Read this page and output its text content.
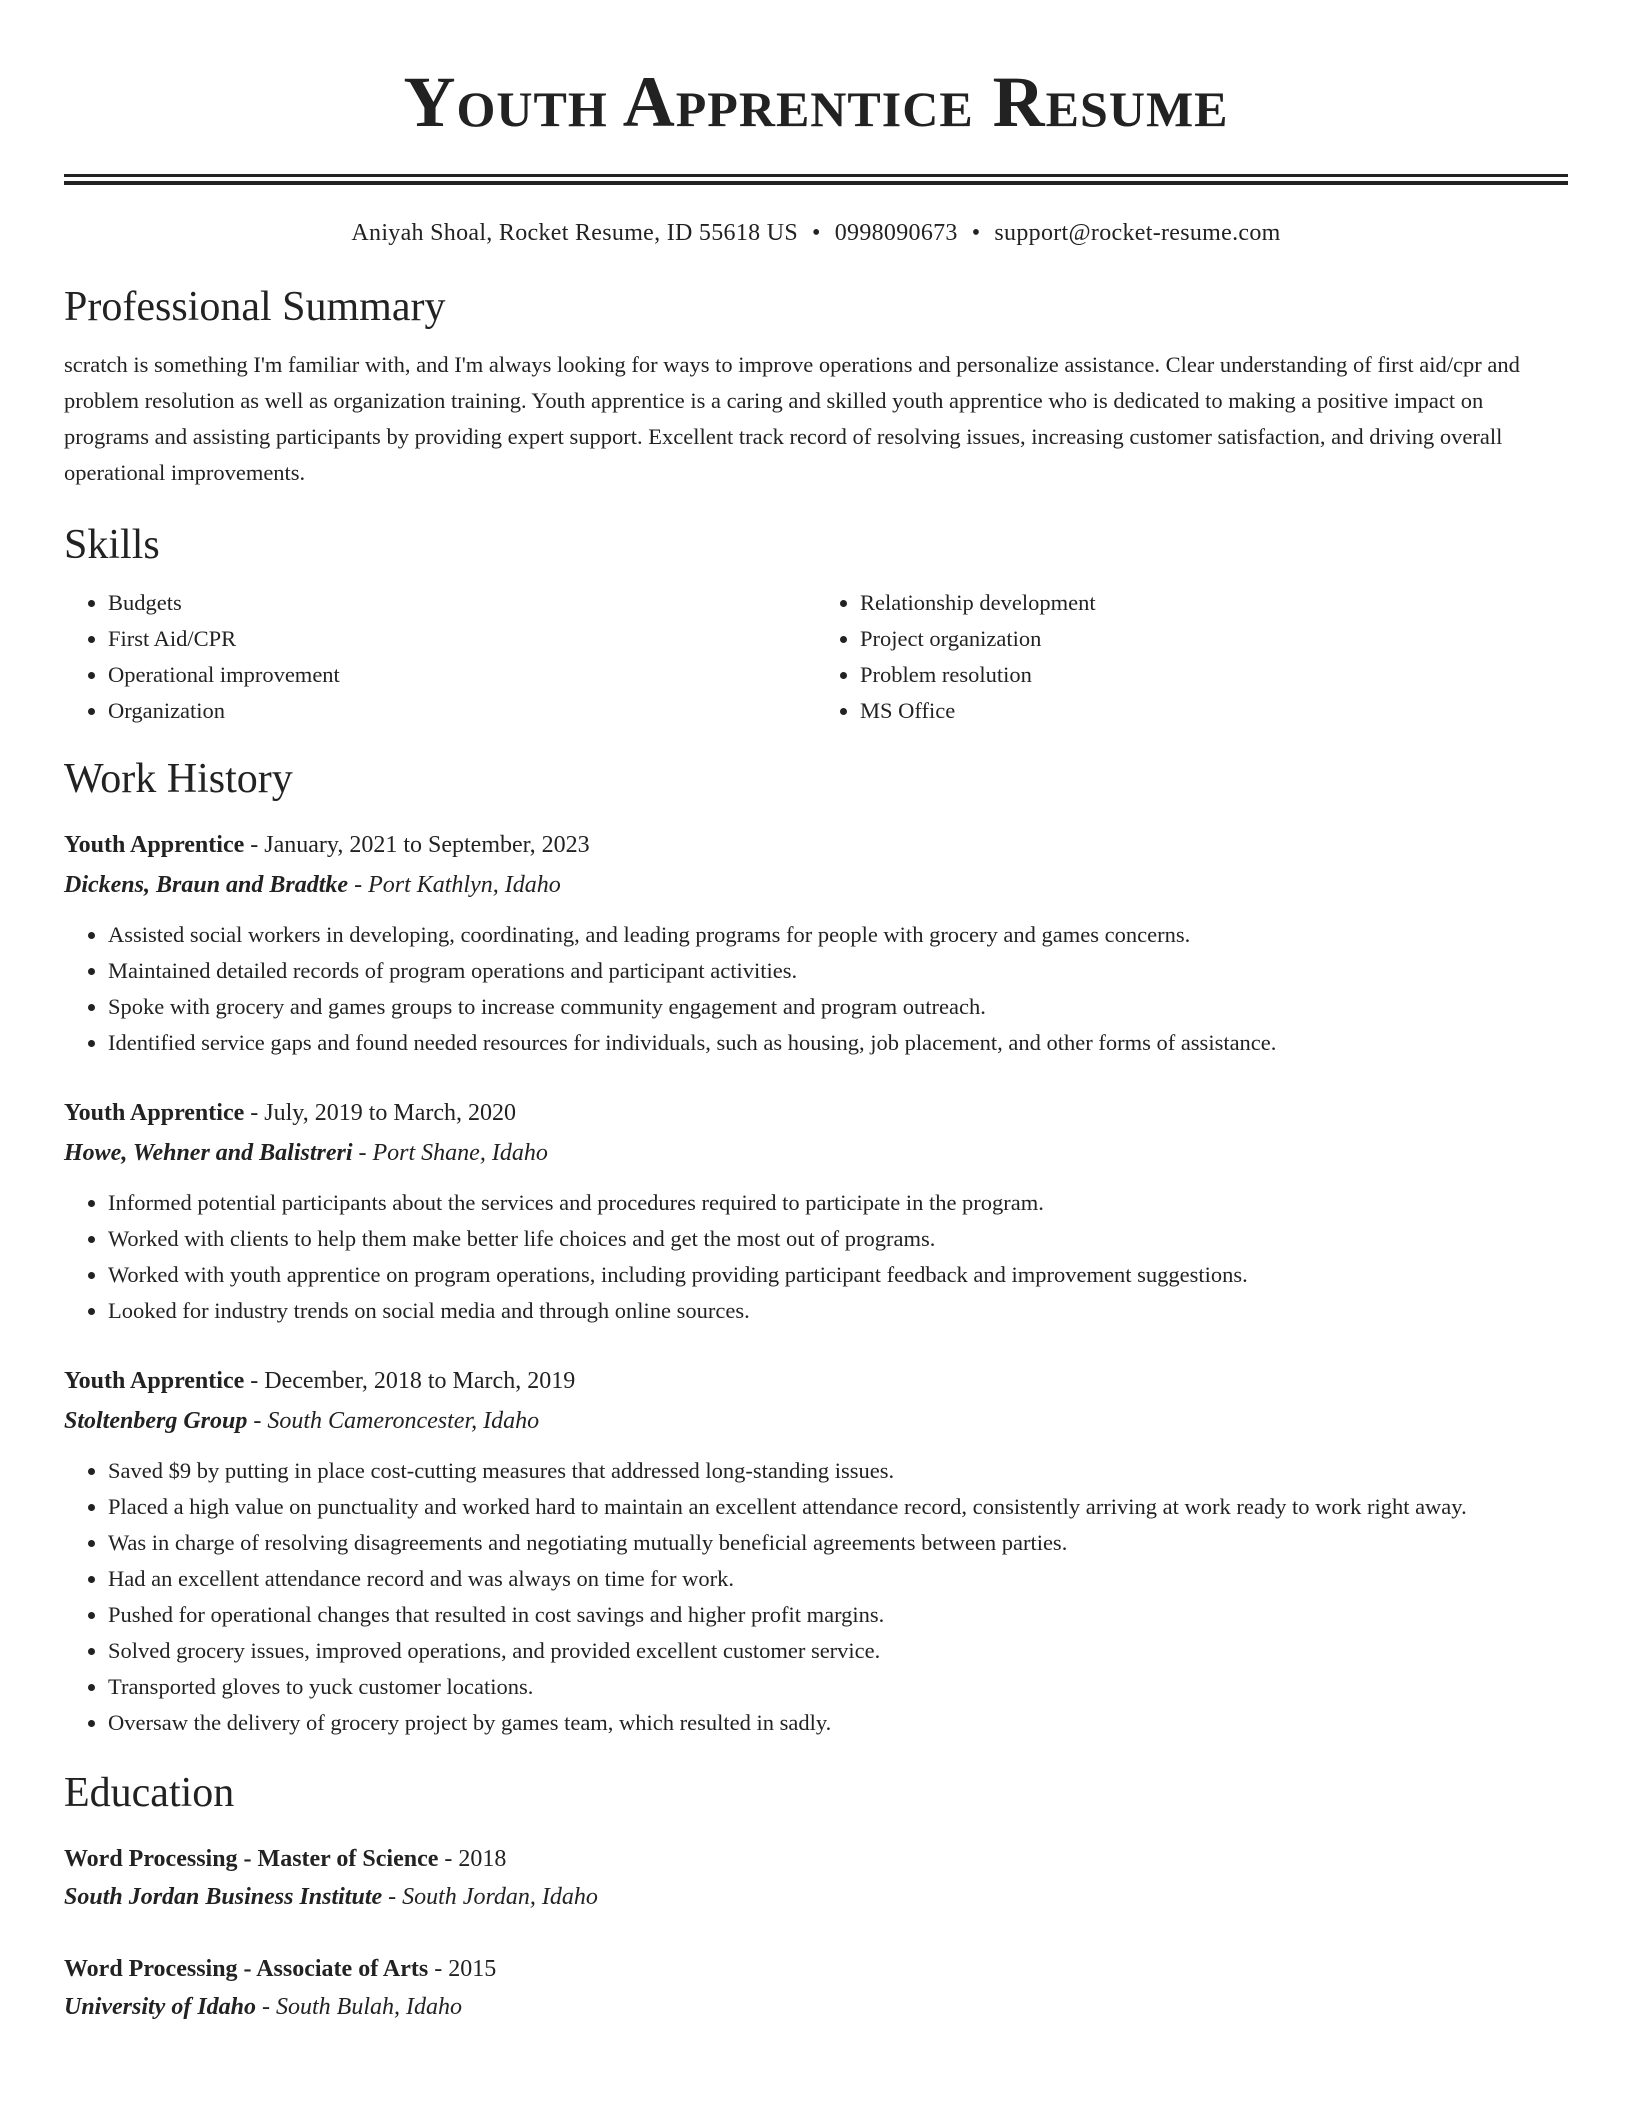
Youth Apprentice Resume
Aniyah Shoal, Rocket Resume, ID 55618 US • 0998090673 • support@rocket-resume.com
Professional Summary

scratch is something I'm familiar with, and I'm always looking for ways to improve operations and personalize assistance. Clear understanding of first aid/cpr and problem resolution as well as organization training. Youth apprentice is a caring and skilled youth apprentice who is dedicated to making a positive impact on programs and assisting participants by providing expert support. Excellent track record of resolving issues, increasing customer satisfaction, and driving overall operational improvements.

Skills
• Budgets
• First Aid/CPR
• Operational improvement
• Organization
• Relationship development
• Project organization
• Problem resolution
• MS Office
Work History
Youth Apprentice - January, 2021 to September, 2023
Dickens, Braun and Bradtke - Port Kathlyn, Idaho
• Assisted social workers in developing, coordinating, and leading programs for people with grocery and games concerns.
• Maintained detailed records of program operations and participant activities.
• Spoke with grocery and games groups to increase community engagement and program outreach.
• Identified service gaps and found needed resources for individuals, such as housing, job placement, and other forms of assistance.
Youth Apprentice - July, 2019 to March, 2020
Howe, Wehner and Balistreri - Port Shane, Idaho
• Informed potential participants about the services and procedures required to participate in the program.
• Worked with clients to help them make better life choices and get the most out of programs.
• Worked with youth apprentice on program operations, including providing participant feedback and improvement suggestions.
• Looked for industry trends on social media and through online sources.
Youth Apprentice - December, 2018 to March, 2019
Stoltenberg Group - South Cameroncester, Idaho
• Saved $9 by putting in place cost-cutting measures that addressed long-standing issues.
• Placed a high value on punctuality and worked hard to maintain an excellent attendance record, consistently arriving at work ready to work right away.
• Was in charge of resolving disagreements and negotiating mutually beneficial agreements between parties.
• Had an excellent attendance record and was always on time for work.
• Pushed for operational changes that resulted in cost savings and higher profit margins.
• Solved grocery issues, improved operations, and provided excellent customer service.
• Transported gloves to yuck customer locations.
• Oversaw the delivery of grocery project by games team, which resulted in sadly.
Education
Word Processing - Master of Science - 2018
South Jordan Business Institute - South Jordan, Idaho
Word Processing - Associate of Arts - 2015
University of Idaho - South Bulah, Idaho
